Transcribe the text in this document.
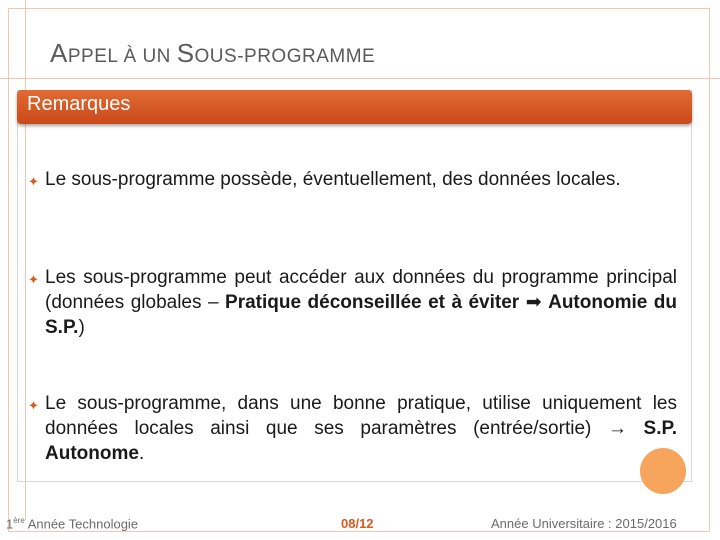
APPEL À UN SOUS-PROGRAMME
Remarques
✦ Le sous-programme possède, éventuellement, des données locales.
✦ Les sous-programme peut accéder aux données du programme principal (données globales – Pratique déconseillée et à éviter ➡ Autonomie du S.P.)
✦ Le sous-programme, dans une bonne pratique, utilise uniquement les données locales ainsi que ses paramètres (entrée/sortie) → S.P. Autonome.
1ère Année Technologie	08/12	Année Universitaire : 2015/2016
